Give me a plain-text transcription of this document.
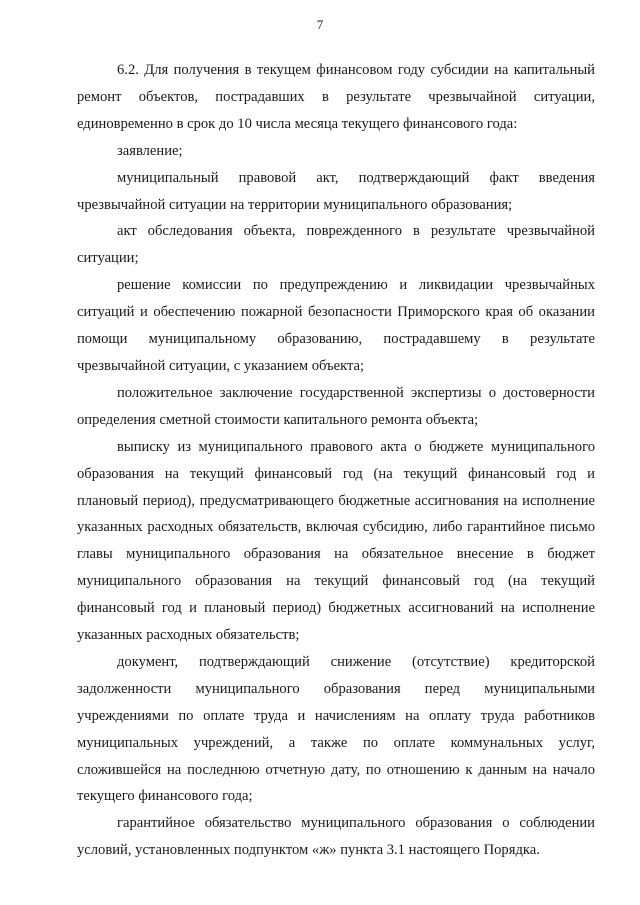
7

6.2. Для получения в текущем финансовом году субсидии на капитальный ремонт объектов, пострадавших в результате чрезвычайной ситуации, единовременно в срок до 10 числа месяца текущего финансового года:

заявление;

муниципальный правовой акт, подтверждающий факт введения чрезвычайной ситуации на территории муниципального образования;

акт обследования объекта, поврежденного в результате чрезвычайной ситуации;

решение комиссии по предупреждению и ликвидации чрезвычайных ситуаций и обеспечению пожарной безопасности Приморского края об оказании помощи муниципальному образованию, пострадавшему в результате чрезвычайной ситуации, с указанием объекта;

положительное заключение государственной экспертизы о достоверности определения сметной стоимости капитального ремонта объекта;

выписку из муниципального правового акта о бюджете муниципального образования на текущий финансовый год (на текущий финансовый год и плановый период), предусматривающего бюджетные ассигнования на исполнение указанных расходных обязательств, включая субсидию, либо гарантийное письмо главы муниципального образования на обязательное внесение в бюджет муниципального образования на текущий финансовый год (на текущий финансовый год и плановый период) бюджетных ассигнований на исполнение указанных расходных обязательств;

документ, подтверждающий снижение (отсутствие) кредиторской задолженности муниципального образования перед муниципальными учреждениями по оплате труда и начислениям на оплату труда работников муниципальных учреждений, а также по оплате коммунальных услуг, сложившейся на последнюю отчетную дату, по отношению к данным на начало текущего финансового года;

гарантийное обязательство муниципального образования о соблюдении условий, установленных подпунктом «ж» пункта 3.1 настоящего Порядка.
